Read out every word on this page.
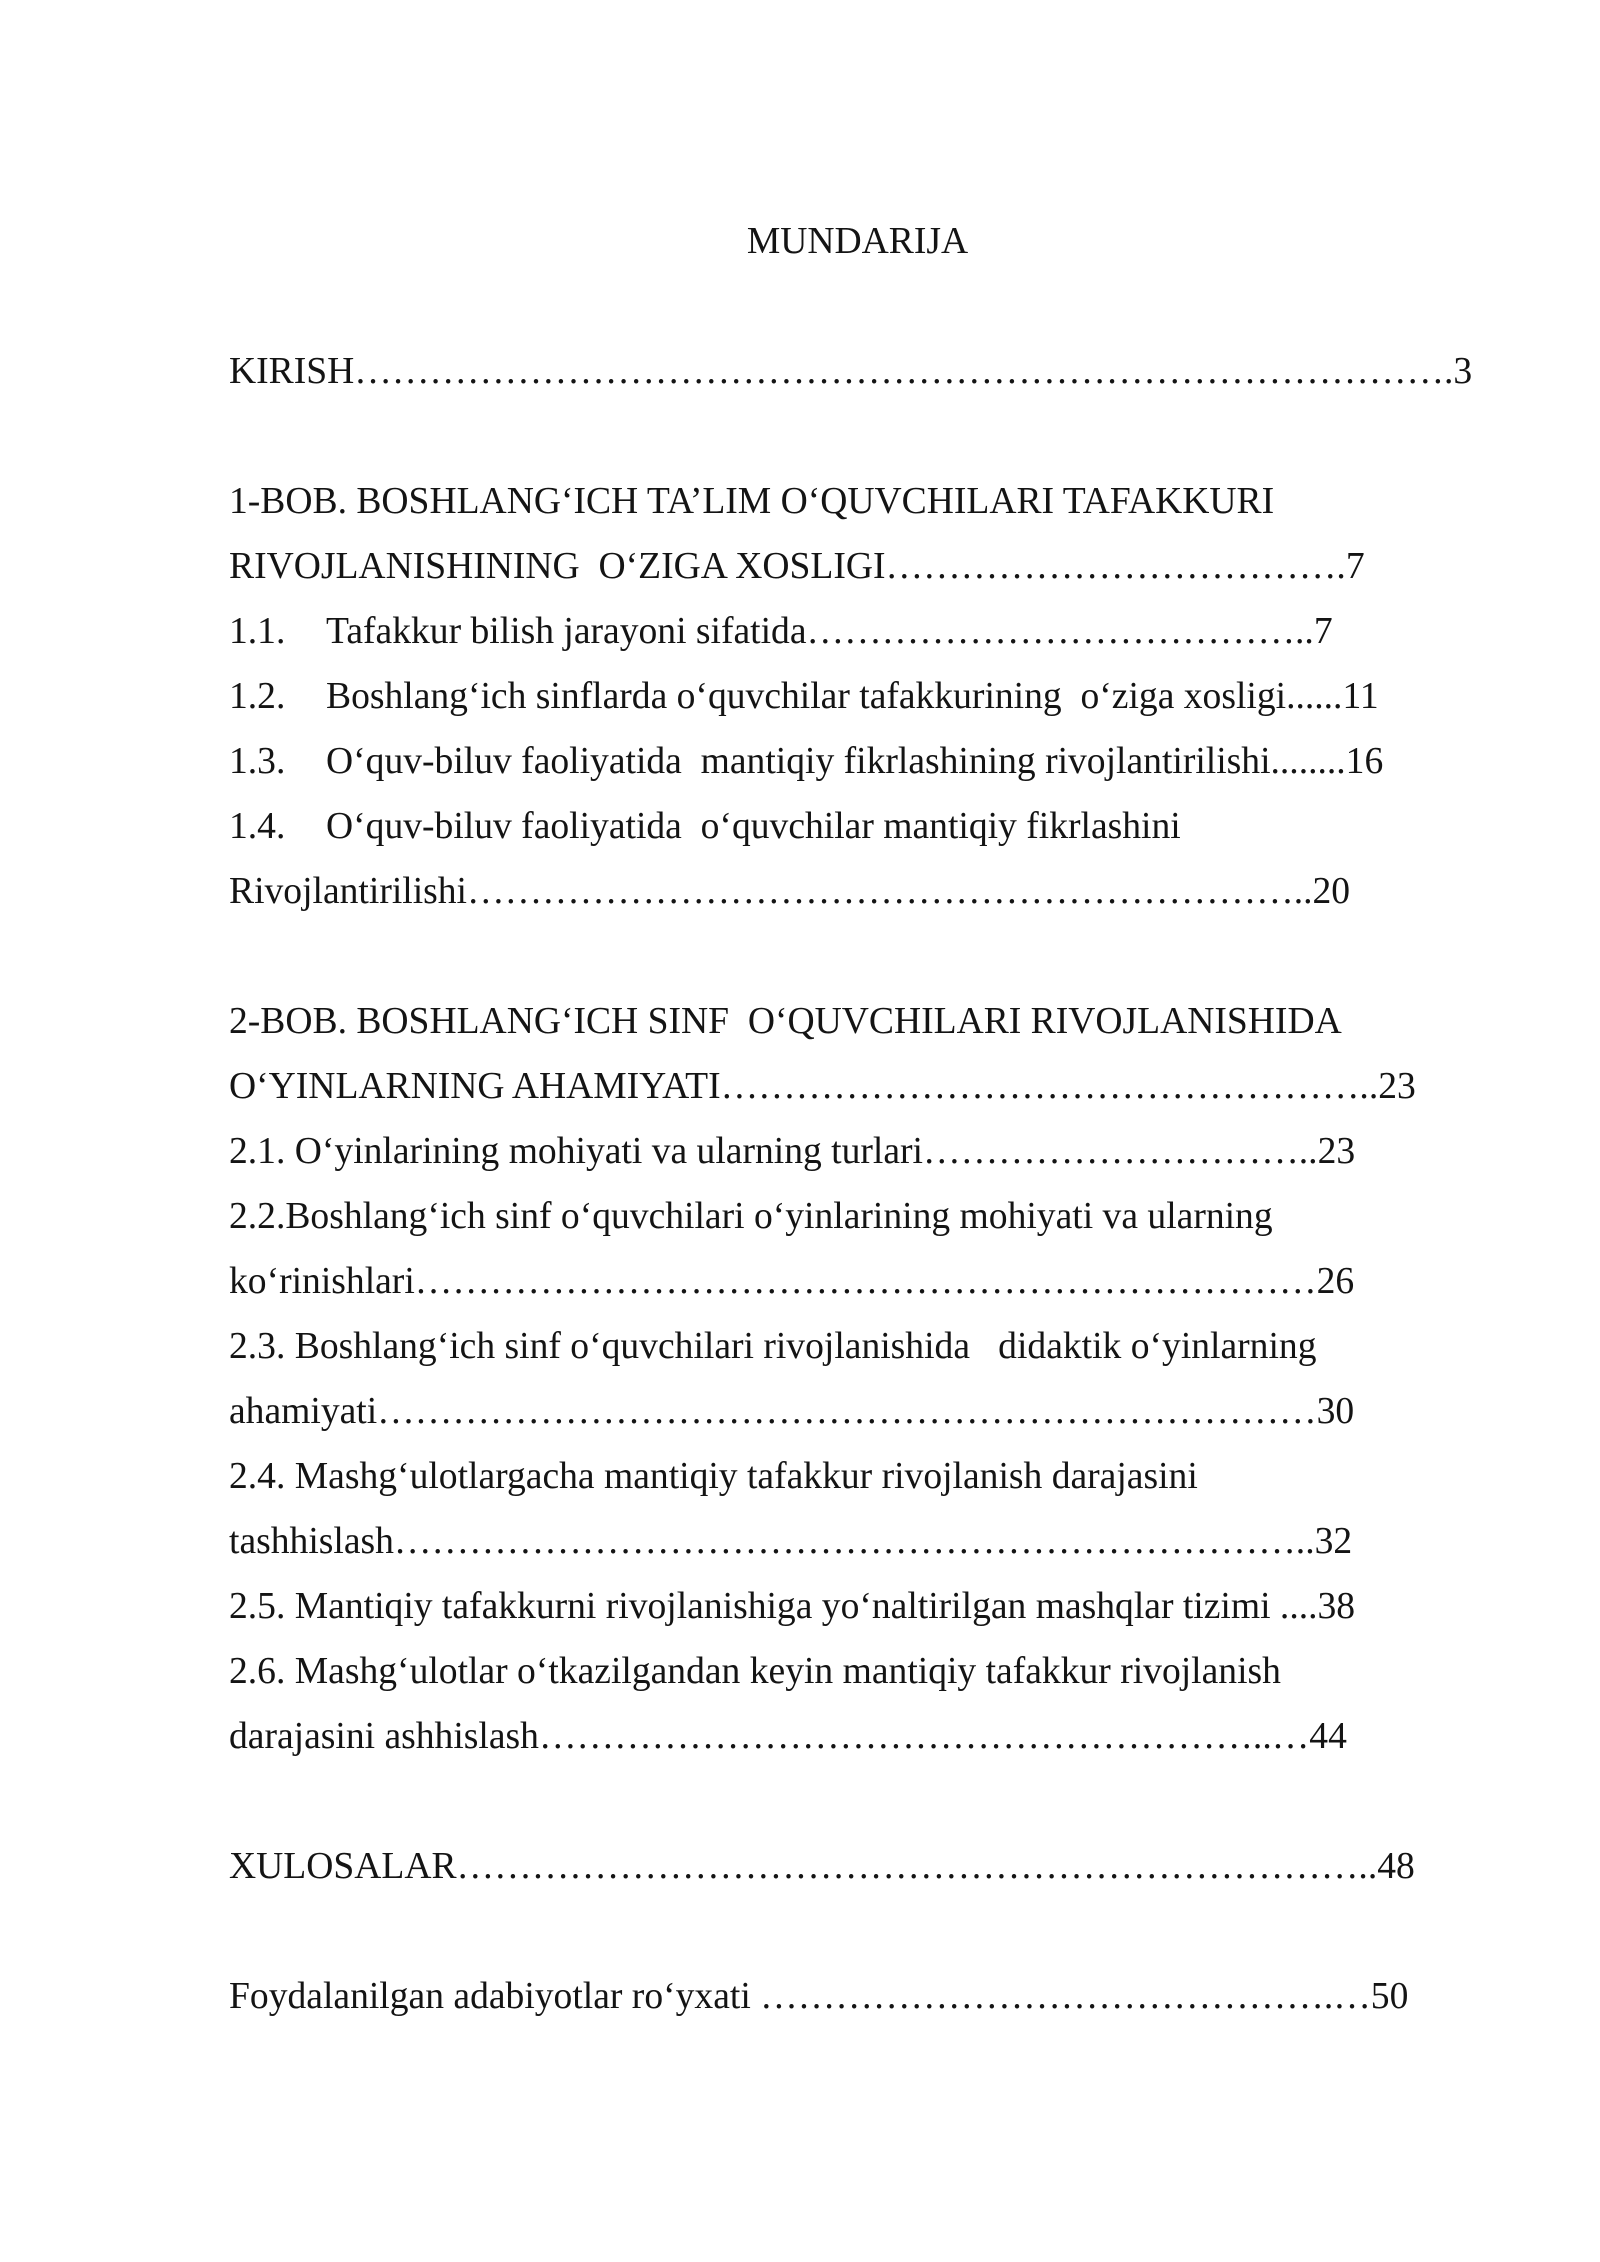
MUNDARIJA
KIRISH…………………………………………………………………………….3
1-BOB. BOSHLANG‘ICH TA’LIM O‘QUVCHILARI TAFAKKURI
RIVOJLANISHINING  O‘ZIGA XOSLIGI……………………………….7
1.1. Tafakkur bilish jarayoni sifatida…………………………………..7
1.2. Boshlang‘ich sinflarda o‘quvchilar tafakkurining  o‘ziga xosligi......11
1.3. O‘quv-biluv faoliyatida  mantiqiy fikrlashining rivojlantirilishi........16
1.4. O‘quv-biluv faoliyatida  o‘quvchilar mantiqiy fikrlashini
Rivojlantirilishi…………………………………………………………..20
2-BOB. BOSHLANG‘ICH SINF  O‘QUVCHILARI RIVOJLANISHIDA
O‘YINLARNING AHAMIYATI……………………………………………..23
2.1. O‘yinlarining mohiyati va ularning turlari…………………………..23
2.2.Boshlang‘ich sinf o‘quvchilari o‘yinlarining mohiyati va ularning
ko‘rinishlari………………………………………………………………26
2.3. Boshlang‘ich sinf o‘quvchilari rivojlanishida   didaktik o‘yinlarning
ahamiyati…………………………………………………………………30
2.4. Mashg‘ulotlargacha mantiqiy tafakkur rivojlanish darajasini
tashhislash………………………………………………………………..32
2.5. Mantiqiy tafakkurni rivojlanishiga yo‘naltirilgan mashqlar tizimi ....38
2.6. Mashg‘ulotlar o‘tkazilgandan keyin mantiqiy tafakkur rivojlanish
darajasini ashhislash…………………………………………………..…44
XULOSALAR………………………………………………………………..48
Foydalanilgan adabiyotlar ro‘yxati ……………………………………….…50
